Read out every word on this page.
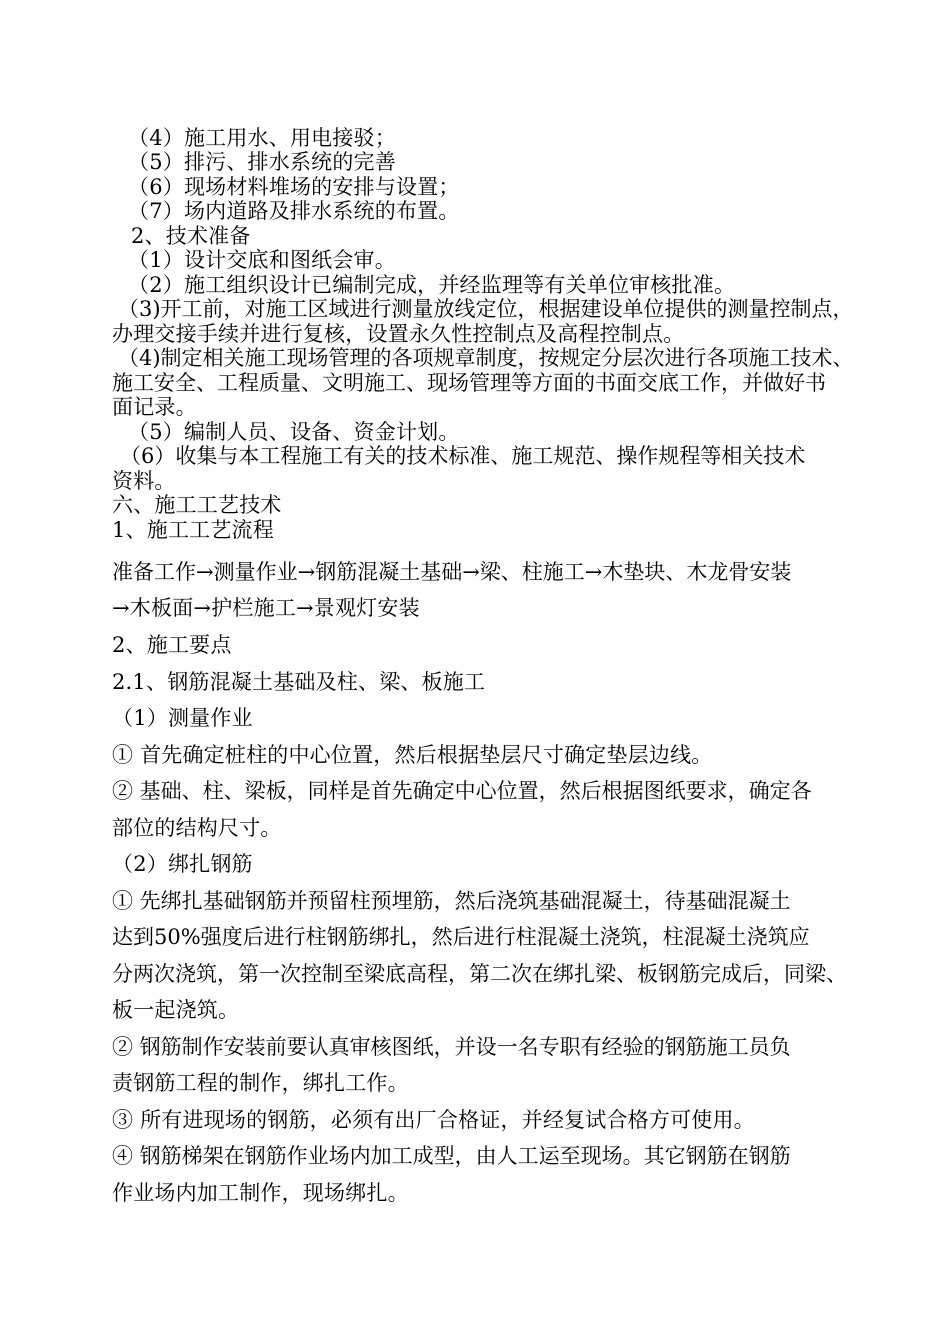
（4）施工用水、用电接驳；
（5）排污、排水系统的完善
（6）现场材料堆场的安排与设置；
（7）场内道路及排水系统的布置。
2、技术准备
（1）设计交底和图纸会审。
（2）施工组织设计已编制完成，并经监理等有关单位审核批准。
（3)开工前，对施工区域进行测量放线定位，根据建设单位提供的测量控制点，
办理交接手续并进行复核，设置永久性控制点及高程控制点。
（4)制定相关施工现场管理的各项规章制度，按规定分层次进行各项施工技术、
施工安全、工程质量、文明施工、现场管理等方面的书面交底工作，并做好书
面记录。
（5）编制人员、设备、资金计划。
（6）收集与本工程施工有关的技术标准、施工规范、操作规程等相关技术
资料。
六、施工工艺技术
1、施工工艺流程
准备工作→测量作业→钢筋混凝土基础→梁、柱施工→木垫块、木龙骨安装
→木板面→护栏施工→景观灯安装
2、施工要点
2.1、钢筋混凝土基础及柱、梁、板施工
（1）测量作业
① 首先确定桩柱的中心位置，然后根据垫层尺寸确定垫层边线。
② 基础、柱、梁板，同样是首先确定中心位置，然后根据图纸要求，确定各
部位的结构尺寸。
（2）绑扎钢筋
① 先绑扎基础钢筋并预留柱预埋筋，然后浇筑基础混凝土，待基础混凝土
达到50%强度后进行柱钢筋绑扎，然后进行柱混凝土浇筑，柱混凝土浇筑应
分两次浇筑，第一次控制至梁底高程，第二次在绑扎梁、板钢筋完成后，同梁、
板一起浇筑。
② 钢筋制作安装前要认真审核图纸，并设一名专职有经验的钢筋施工员负
责钢筋工程的制作，绑扎工作。
③ 所有进现场的钢筋，必须有出厂合格证，并经复试合格方可使用。
④ 钢筋梯架在钢筋作业场内加工成型，由人工运至现场。其它钢筋在钢筋
作业场内加工制作，现场绑扎。
